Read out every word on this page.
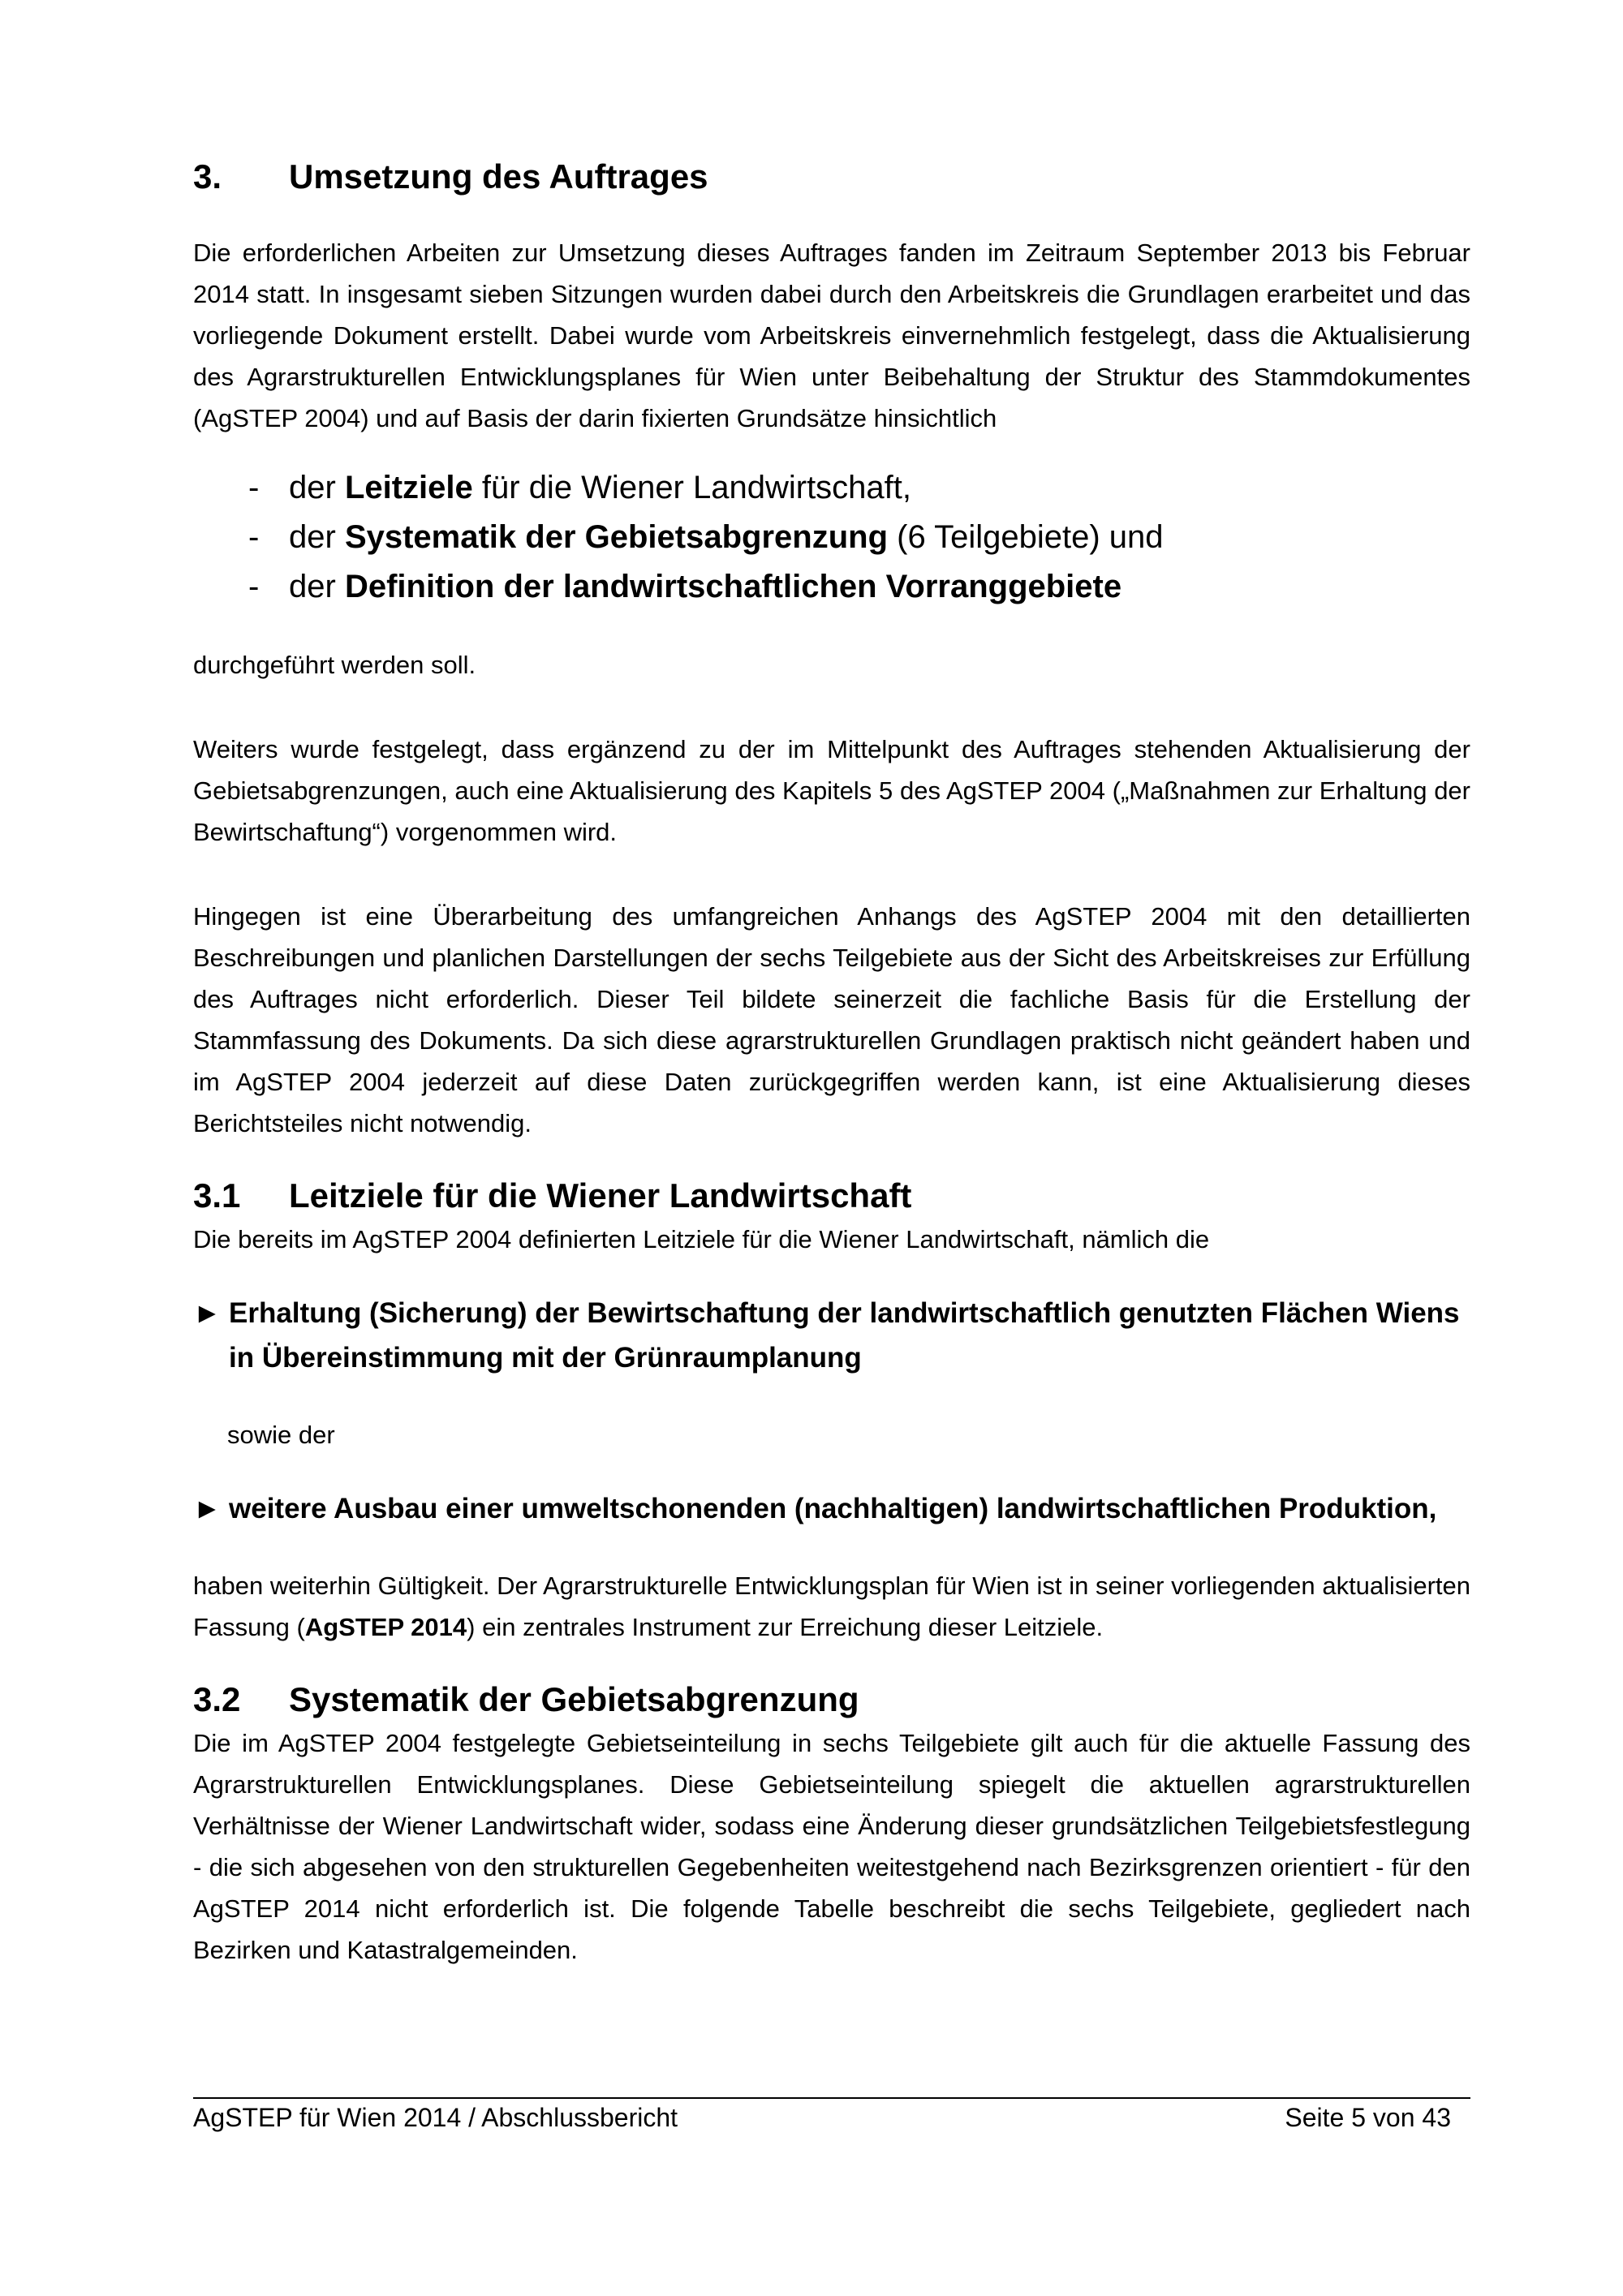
3. Umsetzung des Auftrages

Die erforderlichen Arbeiten zur Umsetzung dieses Auftrages fanden im Zeitraum September 2013 bis Februar 2014 statt. In insgesamt sieben Sitzungen wurden dabei durch den Arbeitskreis die Grundlagen erarbeitet und das vorliegende Dokument erstellt. Dabei wurde vom Arbeitskreis einvernehmlich festgelegt, dass die Aktualisierung des Agrarstrukturellen Entwicklungsplanes für Wien unter Beibehaltung der Struktur des Stammdokumentes (AgSTEP 2004) und auf Basis der darin fixierten Grundsätze hinsichtlich

- der Leitziele für die Wiener Landwirtschaft,
- der Systematik der Gebietsabgrenzung (6 Teilgebiete) und
- der Definition der landwirtschaftlichen Vorranggebiete

durchgeführt werden soll.

Weiters wurde festgelegt, dass ergänzend zu der im Mittelpunkt des Auftrages stehenden Aktualisierung der Gebietsabgrenzungen, auch eine Aktualisierung des Kapitels 5 des AgSTEP 2004 („Maßnahmen zur Erhaltung der Bewirtschaftung“) vorgenommen wird.

Hingegen ist eine Überarbeitung des umfangreichen Anhangs des AgSTEP 2004 mit den detaillierten Beschreibungen und planlichen Darstellungen der sechs Teilgebiete aus der Sicht des Arbeitskreises zur Erfüllung des Auftrages nicht erforderlich. Dieser Teil bildete seinerzeit die fachliche Basis für die Erstellung der Stammfassung des Dokuments. Da sich diese agrarstrukturellen Grundlagen praktisch nicht geändert haben und im AgSTEP 2004 jederzeit auf diese Daten zurückgegriffen werden kann, ist eine Aktualisierung dieses Berichtsteiles nicht notwendig.

3.1 Leitziele für die Wiener Landwirtschaft

Die bereits im AgSTEP 2004 definierten Leitziele für die Wiener Landwirtschaft, nämlich die

► Erhaltung (Sicherung) der Bewirtschaftung der landwirtschaftlich genutzten Flächen Wiens in Übereinstimmung mit der Grünraumplanung
sowie der
► weitere Ausbau einer umweltschonenden (nachhaltigen) landwirtschaftlichen Produktion,

haben weiterhin Gültigkeit. Der Agrarstrukturelle Entwicklungsplan für Wien ist in seiner vorliegenden aktualisierten Fassung (AgSTEP 2014) ein zentrales Instrument zur Erreichung dieser Leitziele.

3.2 Systematik der Gebietsabgrenzung

Die im AgSTEP 2004 festgelegte Gebietseinteilung in sechs Teilgebiete gilt auch für die aktuelle Fassung des Agrarstrukturellen Entwicklungsplanes. Diese Gebietseinteilung spiegelt die aktuellen agrarstrukturellen Verhältnisse der Wiener Landwirtschaft wider, sodass eine Änderung dieser grundsätzlichen Teilgebietsfestlegung - die sich abgesehen von den strukturellen Gegebenheiten weitestgehend nach Bezirksgrenzen orientiert - für den AgSTEP 2014 nicht erforderlich ist. Die folgende Tabelle beschreibt die sechs Teilgebiete, gegliedert nach Bezirken und Katastralgemeinden.

AgSTEP für Wien 2014 / Abschlussbericht	Seite 5 von 43
